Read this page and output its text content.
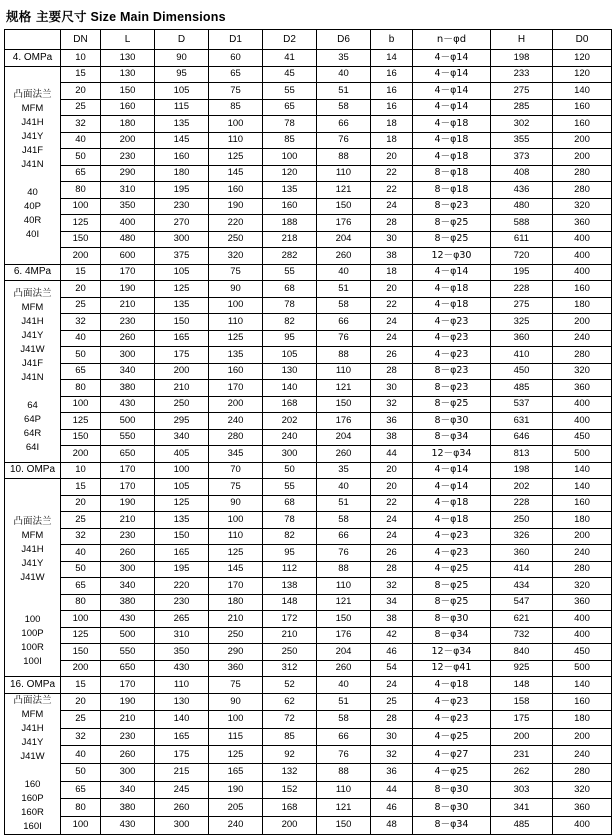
规格 主要尺寸 Size Main Dimensions
	DN	L	D	D1	D2	D6	b	n－φd	H	D0
4. OMPa	10	130	90	60	41	35	14	4－φ14	198	120

凸面法兰
MFM
J41H
J41Y
J41F
J41N

40
40P
40R
40I
	15	130	95	65	45	40	16	4－φ14	233	120
	20	150	105	75	55	51	16	4－φ14	275	140
	25	160	115	85	65	58	16	4－φ14	285	160
	32	180	135	100	78	66	18	4－φ18	302	160
	40	200	145	110	85	76	18	4－φ18	355	200
	50	230	160	125	100	88	20	4－φ18	373	200
	65	290	180	145	120	110	22	8－φ18	408	280
	80	310	195	160	135	121	22	8－φ18	436	280
	100	350	230	190	160	150	24	8－φ23	480	320
	125	400	270	220	188	176	28	8－φ25	588	360
	150	480	300	250	218	204	30	8－φ25	611	400
	200	600	375	320	282	260	38	12－φ30	720	400
6. 4MPa	15	170	105	75	55	40	18	4－φ14	195	400

凸面法兰
MFM
J41H
J41Y
J41W
J41F
J41N

64
64P
64R
64I
	20	190	125	90	68	51	20	4－φ18	228	160
	25	210	135	100	78	58	22	4－φ18	275	180
	32	230	150	110	82	66	24	4－φ23	325	200
	40	260	165	125	95	76	24	4－φ23	360	240
	50	300	175	135	105	88	26	4－φ23	410	280
	65	340	200	160	130	110	28	8－φ23	450	320
	80	380	210	170	140	121	30	8－φ23	485	360
	100	430	250	200	168	150	32	8－φ25	537	400
	125	500	295	240	202	176	36	8－φ30	631	400
	150	550	340	280	240	204	38	8－φ34	646	450
	200	650	405	345	300	260	44	12－φ34	813	500
10. OMPa	10	170	100	70	50	35	20	4－φ14	198	140

凸面法兰
MFM
J41H
J41Y
J41W

100
100P
100R
100I
	15	170	105	75	55	40	20	4－φ14	202	140
	20	190	125	90	68	51	22	4－φ18	228	160
	25	210	135	100	78	58	24	4－φ18	250	180
	32	230	150	110	82	66	24	4－φ23	326	200
	40	260	165	125	95	76	26	4－φ23	360	240
	50	300	195	145	112	88	28	4－φ25	414	280
	65	340	220	170	138	110	32	8－φ25	434	320
	80	380	230	180	148	121	34	8－φ25	547	360
	100	430	265	210	172	150	38	8－φ30	621	400
	125	500	310	250	210	176	42	8－φ34	732	400
	150	550	350	290	250	204	46	12－φ34	840	450
	200	650	430	360	312	260	54	12－φ41	925	500
16. OMPa	15	170	110	75	52	40	24	4－φ18	148	140

凸面法兰
MFM
J41H
J41Y
J41W

160
160P
160R
160I
	20	190	130	90	62	51	25	4－φ23	158	160
	25	210	140	100	72	58	28	4－φ23	175	180
	32	230	165	115	85	66	30	4－φ25	200	200
	40	260	175	125	92	76	32	4－φ27	231	240
	50	300	215	165	132	88	36	4－φ25	262	280
	65	340	245	190	152	110	44	8－φ30	303	320
	80	380	260	205	168	121	46	8－φ30	341	360
	100	430	300	240	200	150	48	8－φ34	485	400
